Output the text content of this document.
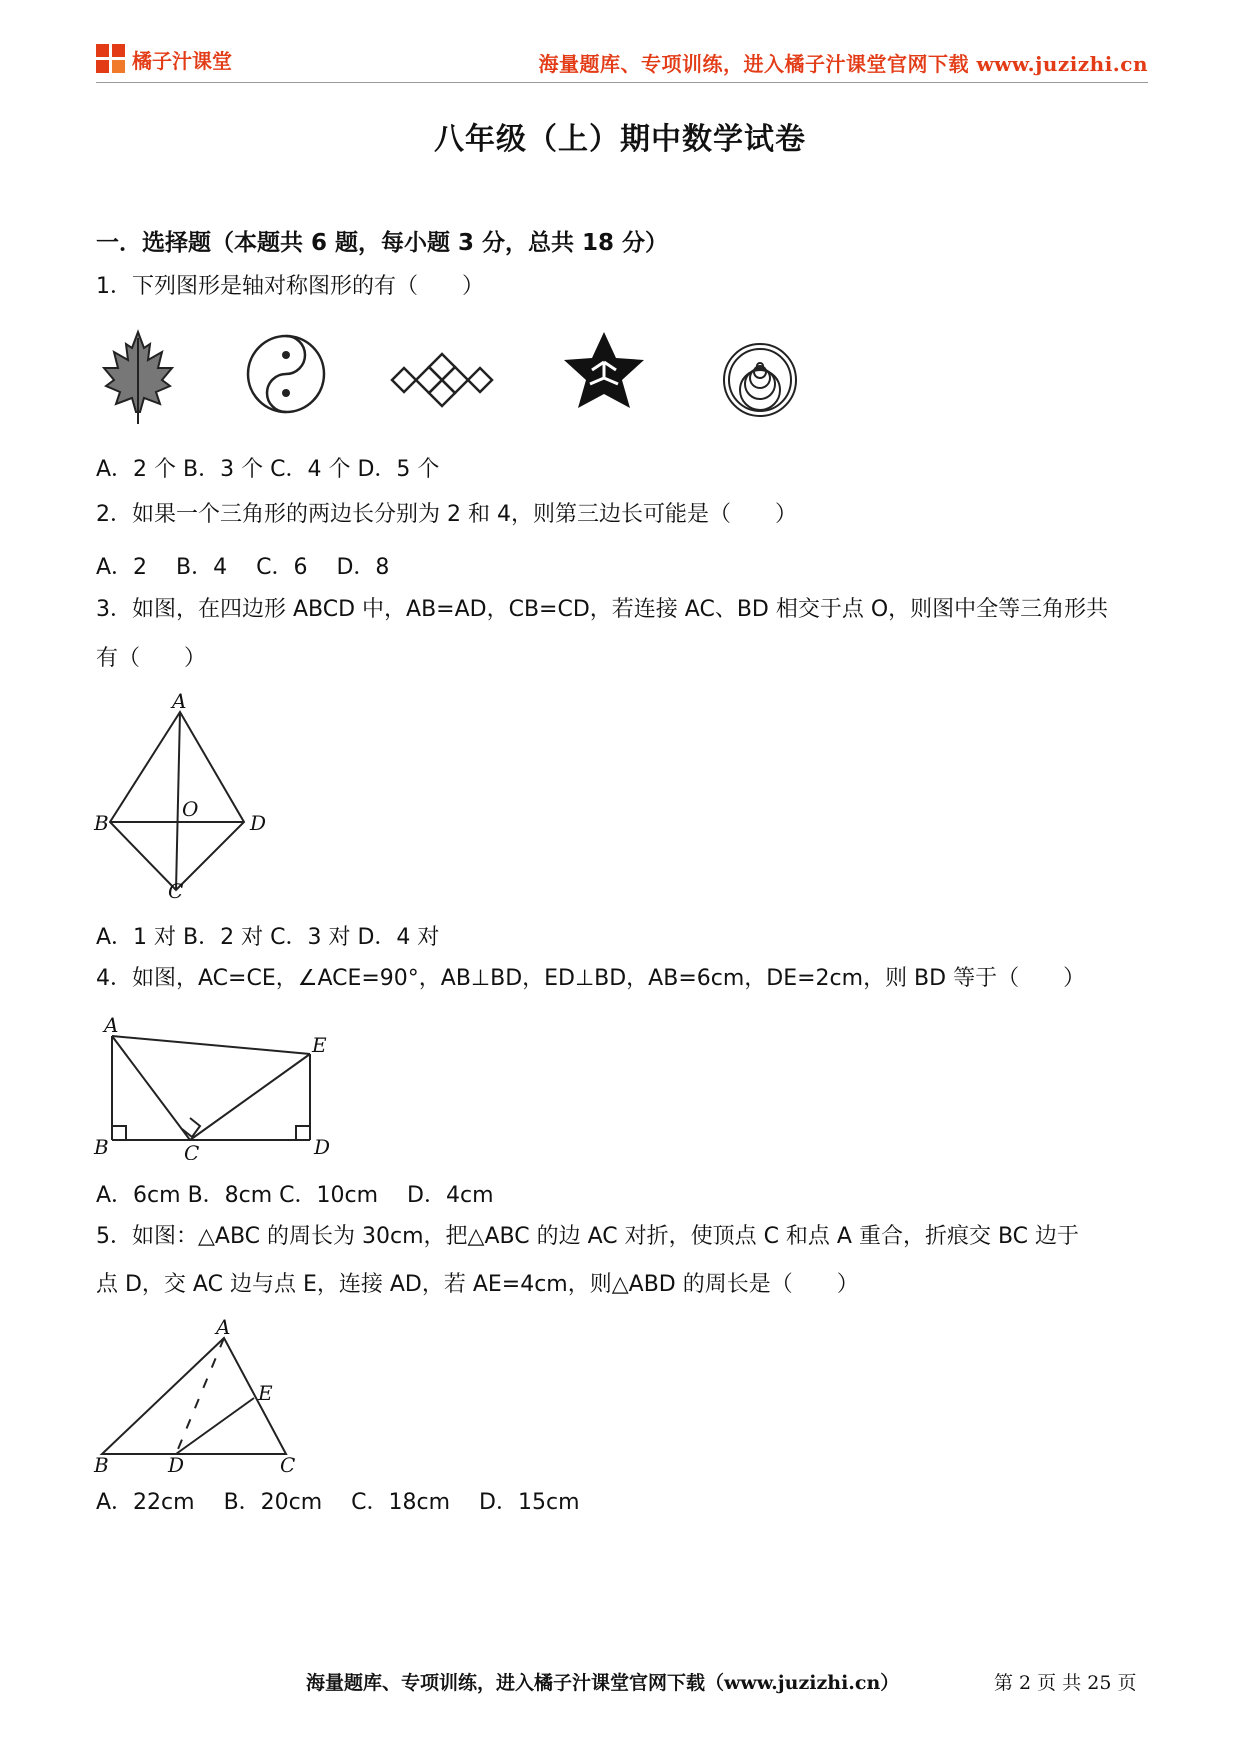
橘子汁课堂	海量题库、专项训练，进入橘子汁课堂官网下载 www.juzizhi.cn
八年级（上）期中数学试卷
一．选择题（本题共 6 题，每小题 3 分，总共 18 分）
1．下列图形是轴对称图形的有（　　）
A．2 个 B．3 个 C．4 个 D．5 个
2．如果一个三角形的两边长分别为 2 和 4，则第三边长可能是（　　）
A．2　 B．4　 C．6　 D．8
3．如图，在四边形 ABCD 中，AB=AD，CB=CD，若连接 AC、BD 相交于点 O，则图中全等三角形共
有（　　）
A
B
C
D
O
A．1 对 B．2 对 C．3 对 D．4 对
4．如图，AC=CE，∠ACE=90°，AB⊥BD，ED⊥BD，AB=6cm，DE=2cm，则 BD 等于（　　）
A
B	C	D
E
A．6cm B．8cm C．10cm　 D．4cm
5．如图：△ABC 的周长为 30cm，把△ABC 的边 AC 对折，使顶点 C 和点 A 重合，折痕交 BC 边于
点 D，交 AC 边与点 E，连接 AD，若 AE=4cm，则△ABD 的周长是（　　）
A
B	C
D
E
A．22cm　 B．20cm　 C．18cm　 D．15cm
海量题库、专项训练，进入橘子汁课堂官网下载（www.juzizhi.cn）	第 2 页 共 25 页
